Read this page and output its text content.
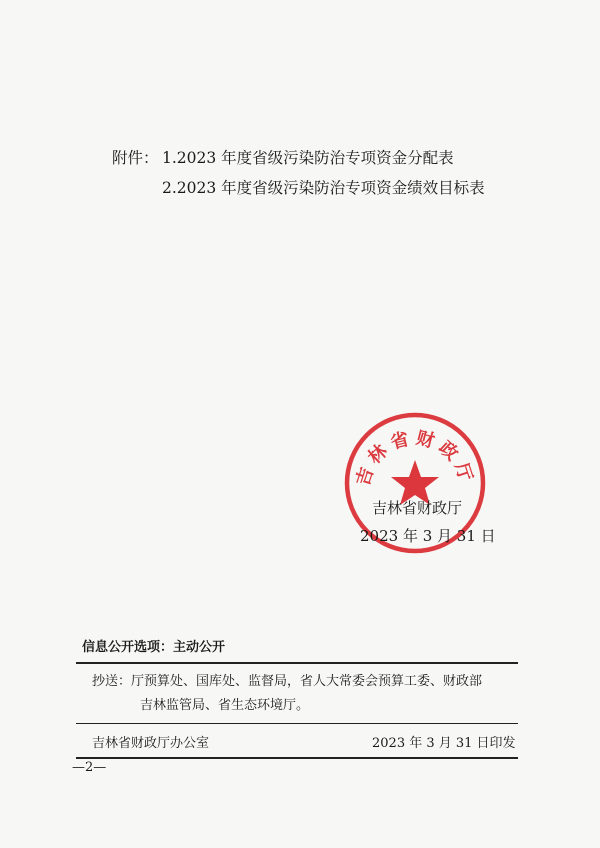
附件： 1.2023 年度省级污染防治专项资金分配表
2.2023 年度省级污染防治专项资金绩效目标表
吉林省财政厅
吉林省财政厅
2023 年 3 月 31 日
信息公开选项：主动公开
抄送：厅预算处、国库处、监督局，省人大常委会预算工委、财政部
吉林监管局、省生态环境厅。
吉林省财政厅办公室	2023 年 3 月 31 日印发
—2—
